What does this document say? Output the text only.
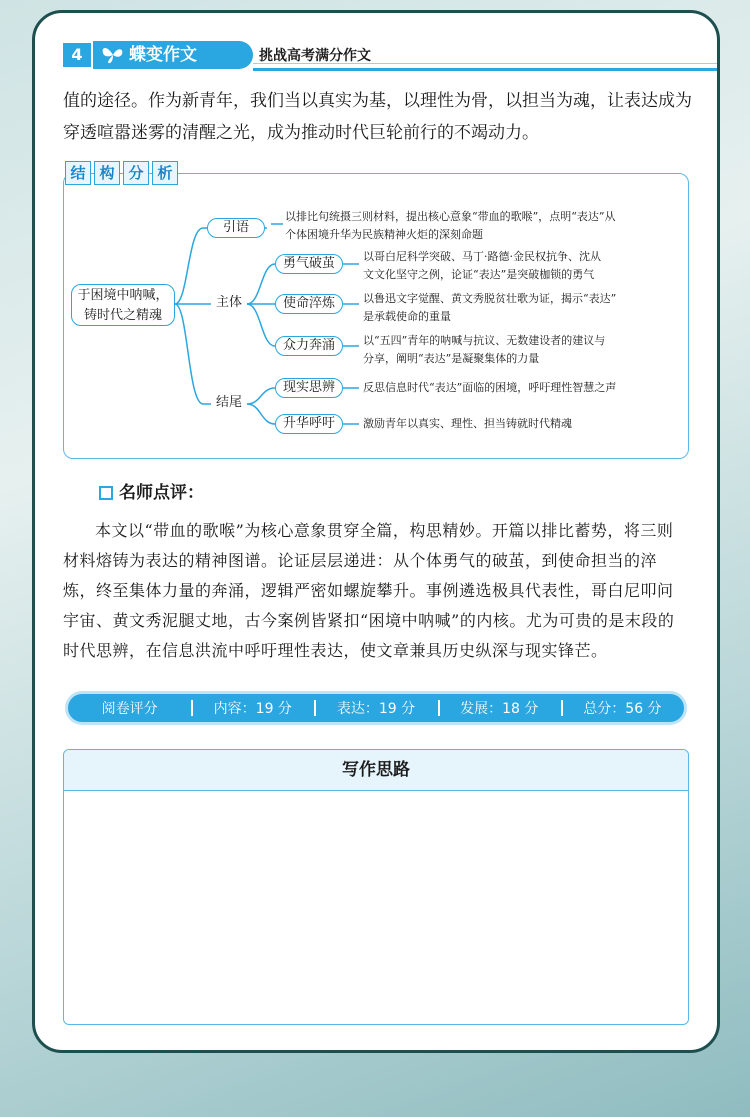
4	蝶变作文	挑战高考满分作文
值的途径。作为新青年，我们当以真实为基，以理性为骨，以担当为魂，让表达成为穿透喧嚣迷雾的清醒之光，成为推动时代巨轮前行的不竭动力。
结 构 分 析
于困境中呐喊，铸时代之精魂
引语
以排比句统摄三则材料，提出核心意象“带血的歌喉”，点明“表达”从
个体困境升华为民族精神火炬的深刻命题
主体
勇气破茧	以哥白尼科学突破、马丁·路德·金民权抗争、沈从
文文化坚守之例，论证“表达”是突破枷锁的勇气
使命淬炼	以鲁迅文字觉醒、黄文秀脱贫壮歌为证，揭示“表达”
是承载使命的重量
众力奔涌	以“五四”青年的呐喊与抗议、无数建设者的建议与
分享，阐明“表达”是凝聚集体的力量
结尾
现实思辨	反思信息时代“表达”面临的困境，呼吁理性智慧之声
升华呼吁	激励青年以真实、理性、担当铸就时代精魂
名师点评：
本文以“带血的歌喉”为核心意象贯穿全篇，构思精妙。开篇以排比蓄势，将三则材料熔铸为表达的精神图谱。论证层层递进：从个体勇气的破茧，到使命担当的淬炼，终至集体力量的奔涌，逻辑严密如螺旋攀升。事例遴选极具代表性，哥白尼叩问宇宙、黄文秀泥腿丈地，古今案例皆紧扣“困境中呐喊”的内核。尤为可贵的是末段的时代思辨，在信息洪流中呼吁理性表达，使文章兼具历史纵深与现实锋芒。
阅卷评分	内容：19 分	表达：19 分	发展：18 分	总分：56 分
写作思路
